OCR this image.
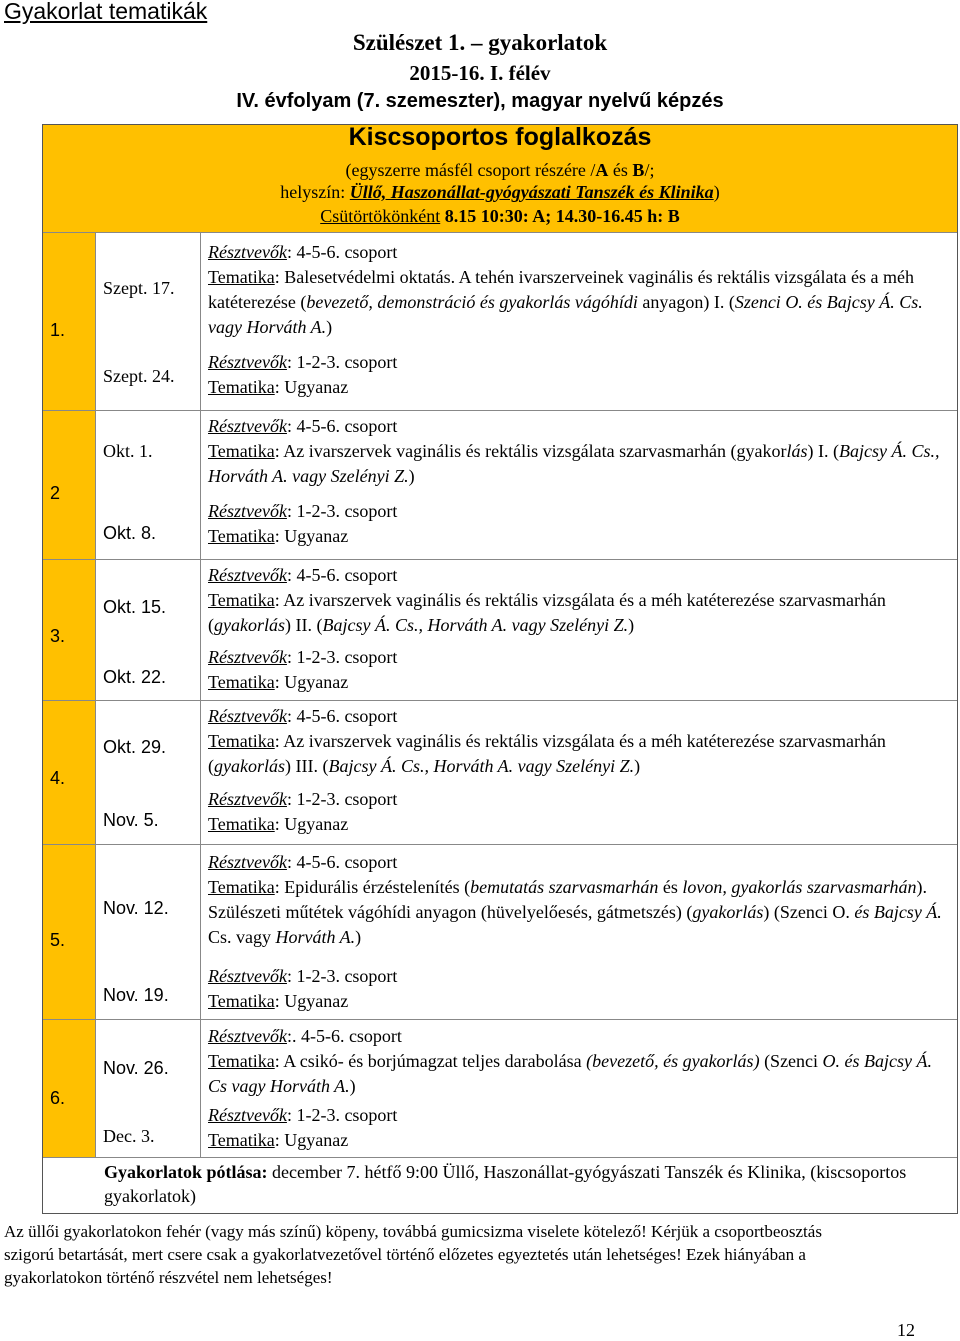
Gyakorlat tematikák
Szülészet 1. – gyakorlatok
2015-16. I. félév
IV. évfolyam (7. szemeszter), magyar nyelvű képzés
Kiscsoportos foglalkozás
(egyszerre másfél csoport részére /A és B/;
helyszín: Üllő, Haszonállat-gyógyászati Tanszék és Klinika)
Csütörtökönként 8.15 10:30: A; 14.30-16.45 h: B
1.
2
3.
4.
5.
6.
Szept. 17.
Szept. 24.
Okt. 1.
Okt. 8.
Okt. 15.
Okt. 22.
Okt. 29.
Nov. 5.
Nov. 12.
Nov. 19.
Nov. 26.
Dec. 3.
Résztvevők: 4-5-6. csoport
Tematika: Balesetvédelmi oktatás. A tehén ivarszerveinek vaginális és rektális vizsgálata és a méh katéterezése (bevezető, demonstráció és gyakorlás vágóhídi anyagon) I. (Szenci O. és Bajcsy Á. Cs. vagy Horváth A.)
Résztvevők: 1-2-3. csoport
Tematika: Ugyanaz
Résztvevők: 4-5-6. csoport
Tematika: Az ivarszervek vaginális és rektális vizsgálata szarvasmarhán (gyakorlás) I. (Bajcsy Á. Cs., Horváth A. vagy Szelényi Z.)
Résztvevők: 1-2-3. csoport
Tematika: Ugyanaz
Résztvevők: 4-5-6. csoport
Tematika: Az ivarszervek vaginális és rektális vizsgálata és a méh katéterezése szarvasmarhán (gyakorlás) II. (Bajcsy Á. Cs., Horváth A. vagy Szelényi Z.)
Résztvevők: 1-2-3. csoport
Tematika: Ugyanaz
Résztvevők: 4-5-6. csoport
Tematika: Az ivarszervek vaginális és rektális vizsgálata és a méh katéterezése szarvasmarhán (gyakorlás) III. (Bajcsy Á. Cs., Horváth A. vagy Szelényi Z.)
Résztvevők: 1-2-3. csoport
Tematika: Ugyanaz
Résztvevők: 4-5-6. csoport
Tematika: Epidurális érzéstelenítés (bemutatás szarvasmarhán és lovon, gyakorlás szarvasmarhán). Szülészeti műtétek vágóhídi anyagon (hüvelyelőesés, gátmetszés) (gyakorlás) (Szenci O. és Bajcsy Á. Cs. vagy Horváth A.)
Résztvevők: 1-2-3. csoport
Tematika: Ugyanaz
Résztvevők:. 4-5-6. csoport
Tematika: A csikó- és borjúmagzat teljes darabolása (bevezető, és gyakorlás) (Szenci O. és Bajcsy Á. Cs vagy Horváth A.)
Résztvevők: 1-2-3. csoport
Tematika: Ugyanaz
Gyakorlatok pótlása: december 7. hétfő 9:00 Üllő, Haszonállat-gyógyászati Tanszék és Klinika, (kiscsoportos gyakorlatok)
Az üllői gyakorlatokon fehér (vagy más színű) köpeny, továbbá gumicsizma viselete kötelező! Kérjük a csoportbeosztás szigorú betartását, mert csere csak a gyakorlatvezetővel történő előzetes egyeztetés után lehetséges! Ezek hiányában a gyakorlatokon történő részvétel nem lehetséges!
12
